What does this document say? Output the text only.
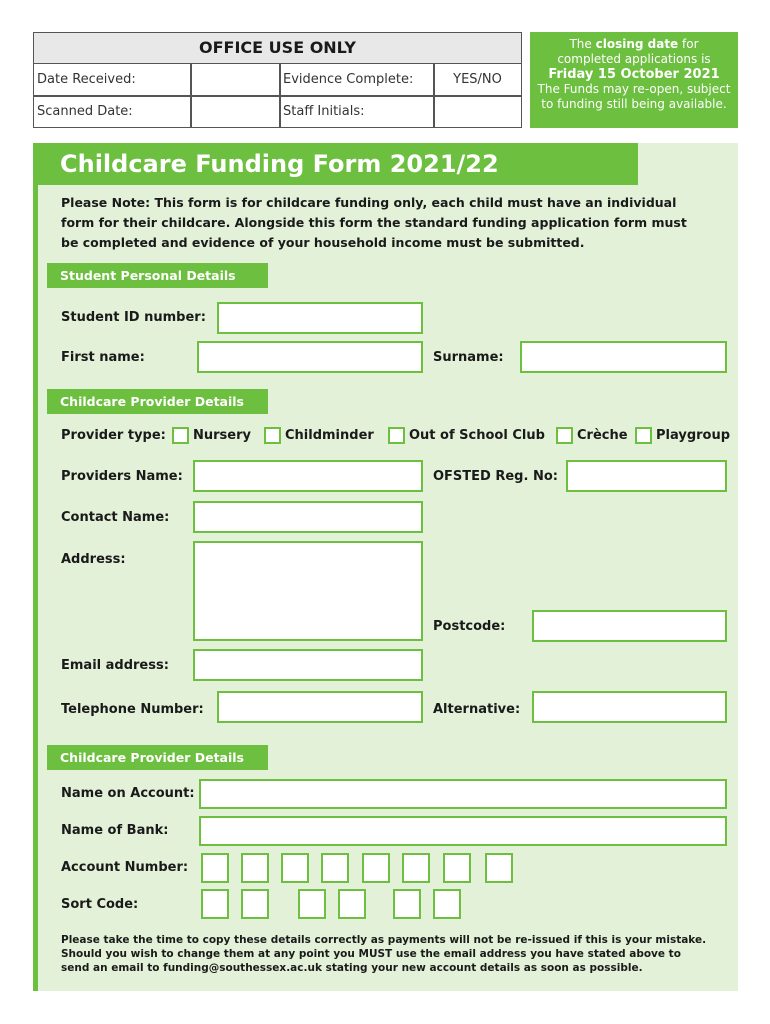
OFFICE USE ONLY
Date Received:	Evidence Complete:	YES/NO
Scanned Date:	Staff Initials:
The closing date for
completed applications is
Friday 15 October 2021
The Funds may re-open, subject
to funding still being available.
Childcare Funding Form 2021/22
Please Note: This form is for childcare funding only, each child must have an individual
form for their childcare. Alongside this form the standard funding application form must
be completed and evidence of your household income must be submitted.
Student Personal Details
Student ID number:
First name:	Surname:
Childcare Provider Details
Provider type: Nursery	Childminder	Out of School Club Crèche Playgroup
Providers Name:	OFSTED Reg. No:
Contact Name:
Address:
Postcode:
Email address:
Telephone Number:	Alternative:
Childcare Provider Details
Name on Account:
Name of Bank:
Account Number:
Sort Code:
Please take the time to copy these details correctly as payments will not be re-issued if this is your mistake.
Should you wish to change them at any point you MUST use the email address you have stated above to
send an email to funding@southessex.ac.uk stating your new account details as soon as possible.
